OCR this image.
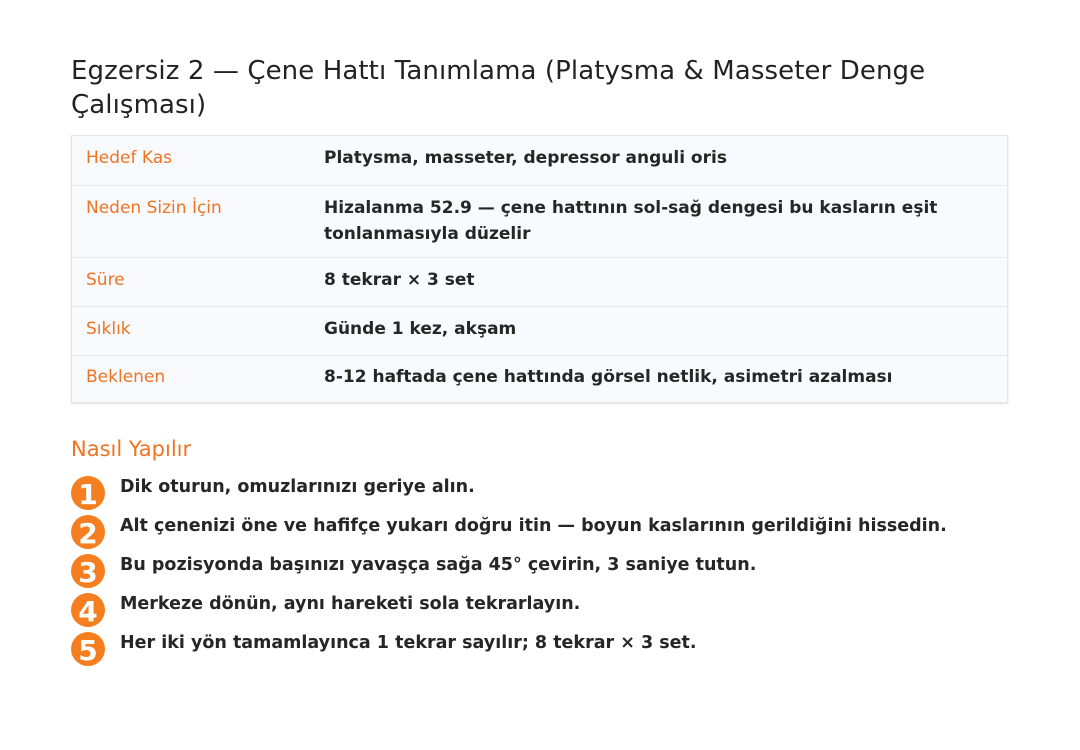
Egzersiz 2 — Çene Hattı Tanımlama (Platysma & Masseter Denge Çalışması)
Hedef Kas	Platysma, masseter, depressor anguli oris
Neden Sizin İçin	Hizalanma 52.9 — çene hattının sol-sağ dengesi bu kasların eşit tonlanmasıyla düzelir
Süre	8 tekrar × 3 set
Sıklık	Günde 1 kez, akşam
Beklenen	8-12 haftada çene hattında görsel netlik, asimetri azalması
Nasıl Yapılır
1	Dik oturun, omuzlarınızı geriye alın.
2	Alt çenenizi öne ve hafifçe yukarı doğru itin — boyun kaslarının gerildiğini hissedin.
3	Bu pozisyonda başınızı yavaşça sağa 45° çevirin, 3 saniye tutun.
4	Merkeze dönün, aynı hareketi sola tekrarlayın.
5	Her iki yön tamamlayınca 1 tekrar sayılır; 8 tekrar × 3 set.
